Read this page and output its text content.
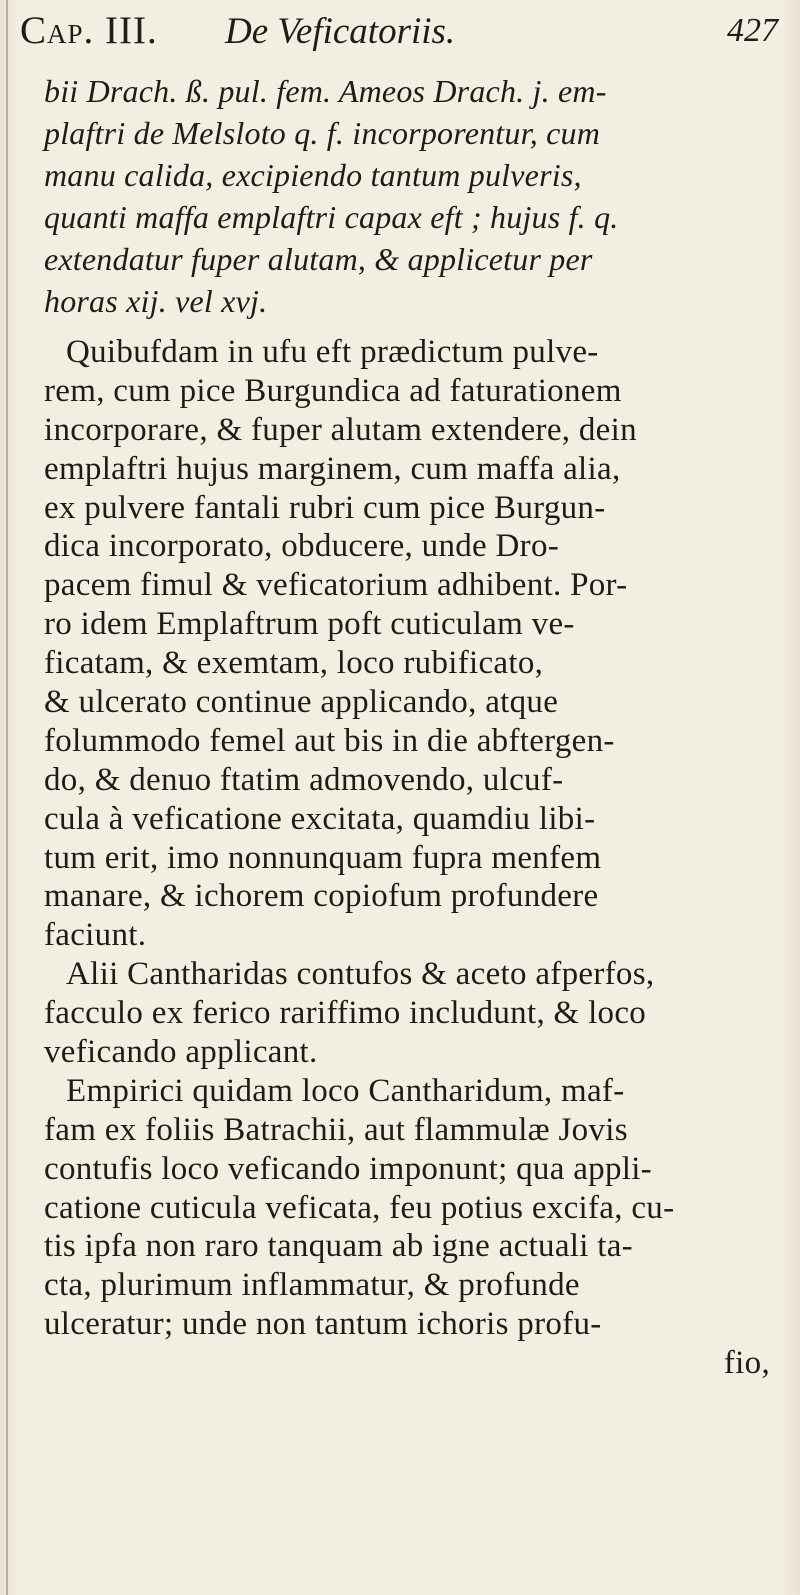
Cap. III. De Veficatoriis.	427
bii Drach. ß. pul. fem. Ameos Drach. j. em-
plaftri de Melsloto q. f. incorporentur, cum
manu calida, excipiendo tantum pulveris,
quanti maffa emplaftri capax eft ; hujus f. q.
extendatur fuper alutam, & applicetur per
horas xij. vel xvj.
Quibufdam in ufu eft prædictum pulve-
rem, cum pice Burgundica ad faturationem
incorporare, & fuper alutam extendere, dein
emplaftri hujus marginem, cum maffa alia,
ex pulvere fantali rubri cum pice Burgun-
dica incorporato, obducere, unde Dro-
pacem fimul & veficatorium adhibent. Por-
ro idem Emplaftrum poft cuticulam ve-
ficatam, & exemtam, loco rubificato,
& ulcerato continue applicando, atque
folummodo femel aut bis in die abftergen-
do, & denuo ftatim admovendo, ulcuf-
cula à veficatione excitata, quamdiu libi-
tum erit, imo nonnunquam fupra menfem
manare, & ichorem copiofum profundere
faciunt.
Alii Cantharidas contufos & aceto afperfos,
facculo ex ferico rariffimo includunt, & loco
veficando applicant.
Empirici quidam loco Cantharidum, maf-
fam ex foliis Batrachii, aut flammulæ Jovis
contufis loco veficando imponunt; qua appli-
catione cuticula veficata, feu potius excifa, cu-
tis ipfa non raro tanquam ab igne actuali ta-
cta, plurimum inflammatur, & profunde
ulceratur; unde non tantum ichoris profu-
fio,
